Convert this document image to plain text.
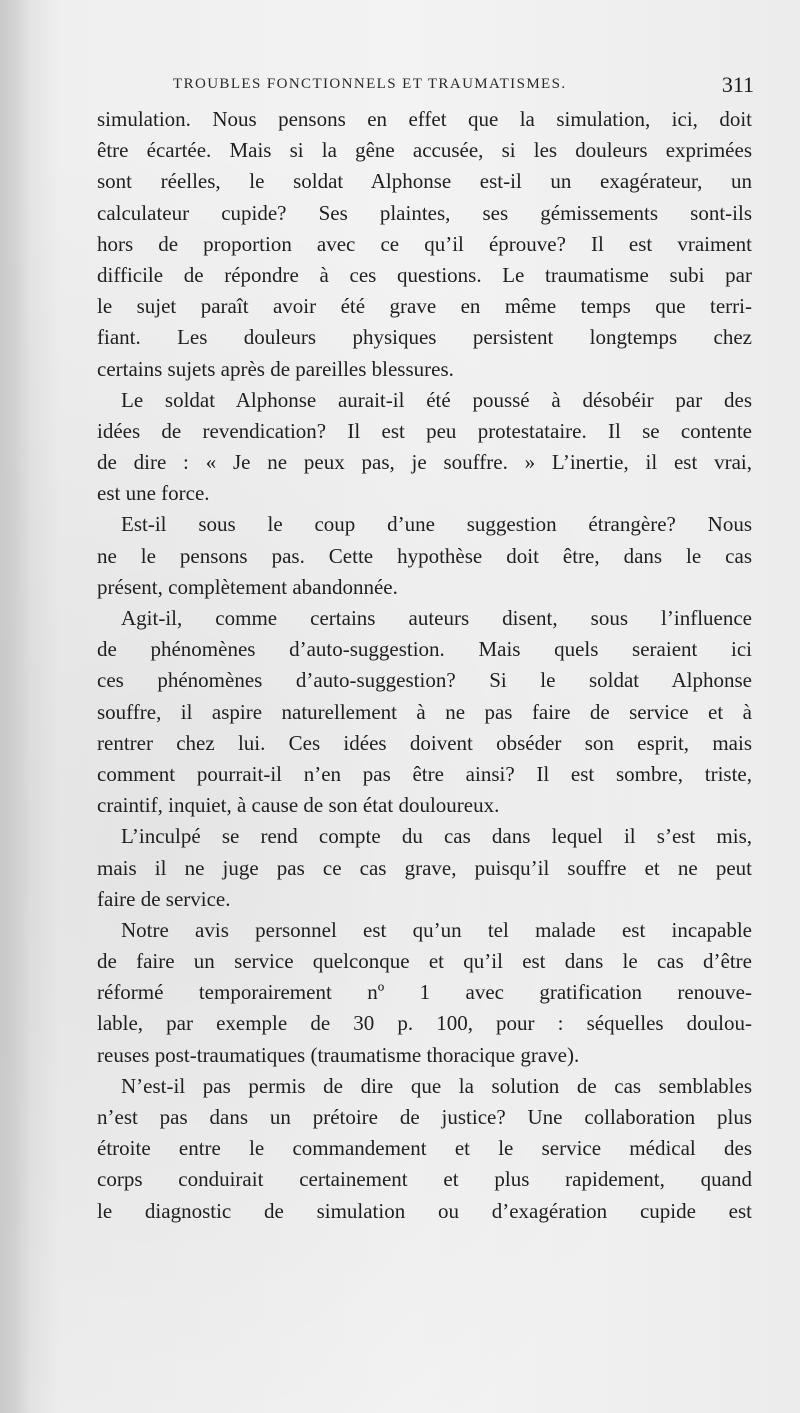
TROUBLES FONCTIONNELS ET TRAUMATISMES.	311
simulation. Nous pensons en effet que la simulation, ici, doit
être écartée. Mais si la gêne accusée, si les douleurs exprimées
sont réelles, le soldat Alphonse est-il un exagérateur, un
calculateur cupide? Ses plaintes, ses gémissements sont-ils
hors de proportion avec ce qu’il éprouve? Il est vraiment
difficile de répondre à ces questions. Le traumatisme subi par
le sujet paraît avoir été grave en même temps que terri-
fiant. Les douleurs physiques persistent longtemps chez
certains sujets après de pareilles blessures.
Le soldat Alphonse aurait-il été poussé à désobéir par des
idées de revendication? Il est peu protestataire. Il se contente
de dire : « Je ne peux pas, je souffre. » L’inertie, il est vrai,
est une force.
Est-il sous le coup d’une suggestion étrangère? Nous
ne le pensons pas. Cette hypothèse doit être, dans le cas
présent, complètement abandonnée.
Agit-il, comme certains auteurs disent, sous l’influence
de phénomènes d’auto-suggestion. Mais quels seraient ici
ces phénomènes d’auto-suggestion? Si le soldat Alphonse
souffre, il aspire naturellement à ne pas faire de service et à
rentrer chez lui. Ces idées doivent obséder son esprit, mais
comment pourrait-il n’en pas être ainsi? Il est sombre, triste,
craintif, inquiet, à cause de son état douloureux.
L’inculpé se rend compte du cas dans lequel il s’est mis,
mais il ne juge pas ce cas grave, puisqu’il souffre et ne peut
faire de service.
Notre avis personnel est qu’un tel malade est incapable
de faire un service quelconque et qu’il est dans le cas d’être
réformé temporairement nº 1 avec gratification renouve-
lable, par exemple de 30 p. 100, pour : séquelles doulou-
reuses post-traumatiques (traumatisme thoracique grave).
N’est-il pas permis de dire que la solution de cas semblables
n’est pas dans un prétoire de justice? Une collaboration plus
étroite entre le commandement et le service médical des
corps conduirait certainement et plus rapidement, quand
le diagnostic de simulation ou d’exagération cupide est
